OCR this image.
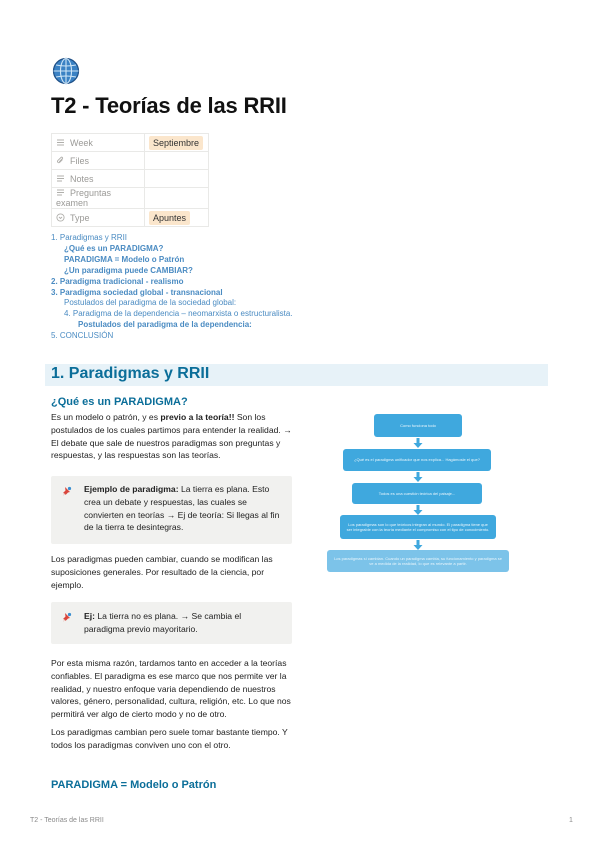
T2 - Teorías de las RRII
Week	Septiembre
Files	
Notes	
Preguntas examen	
Type	Apuntes
1. Paradigmas y RRII
¿Qué es un PARADIGMA?
PARADIGMA = Modelo o Patrón
¿Un paradigma puede CAMBIAR?
2. Paradigma tradicional - realismo
3. Paradigma sociedad global - transnacional
Postulados del paradigma de la sociedad global:
4. Paradigma de la dependencia – neomarxista o estructuralista.
Postulados del paradigma de la dependencia:
5. CONCLUSIÓN
1. Paradigmas y RRII
¿Qué es un PARADIGMA?

Es un modelo o patrón, y es previo a la teoría!! Son los postulados de los cuales partimos para entender la realidad. → El debate que sale de nuestros paradigmas son preguntas y respuestas, y las respuestas son las teorías.

Ejemplo de paradigma: La tierra es plana. Esto crea un debate y respuestas, las cuales se convierten en teorías → Ej de teoría: Si llegas al fin de la tierra te desintegras.

Los paradigmas pueden cambiar, cuando se modifican las suposiciones generales. Por resultado de la ciencia, por ejemplo.

Ej: La tierra no es plana. → Se cambia el paradigma previo mayoritario.

Por esta misma razón, tardamos tanto en acceder a la teorías confiables. El paradigma es ese marco que nos permite ver la realidad, y nuestro enfoque varia dependiendo de nuestros valores, género, personalidad, cultura, religión, etc. Lo que nos permitirá ver algo de cierto modo y no de otro.

Los paradigmas cambian pero suele tomar bastante tiempo. Y todos los paradigmas conviven uno con el otro.

PARADIGMA = Modelo o Patrón
Como funciona todo
¿Qué es el paradigma unificador que nos explica... Hagámosle el que?
Todos es una cuestión teórica del paisaje...
Los paradigmas son lo que teóricos integran al mundo. El paradigma tiene que ser integrable con la teoría mediante el compromiso con el tipo de conocimiento.
Los paradigmas sí cambian. Cuando un paradigma cambia, su funcionamiento y paradigma se ve a medida de la realidad, lo que es relevante a partir.
T2 - Teorías de las RRII	1
